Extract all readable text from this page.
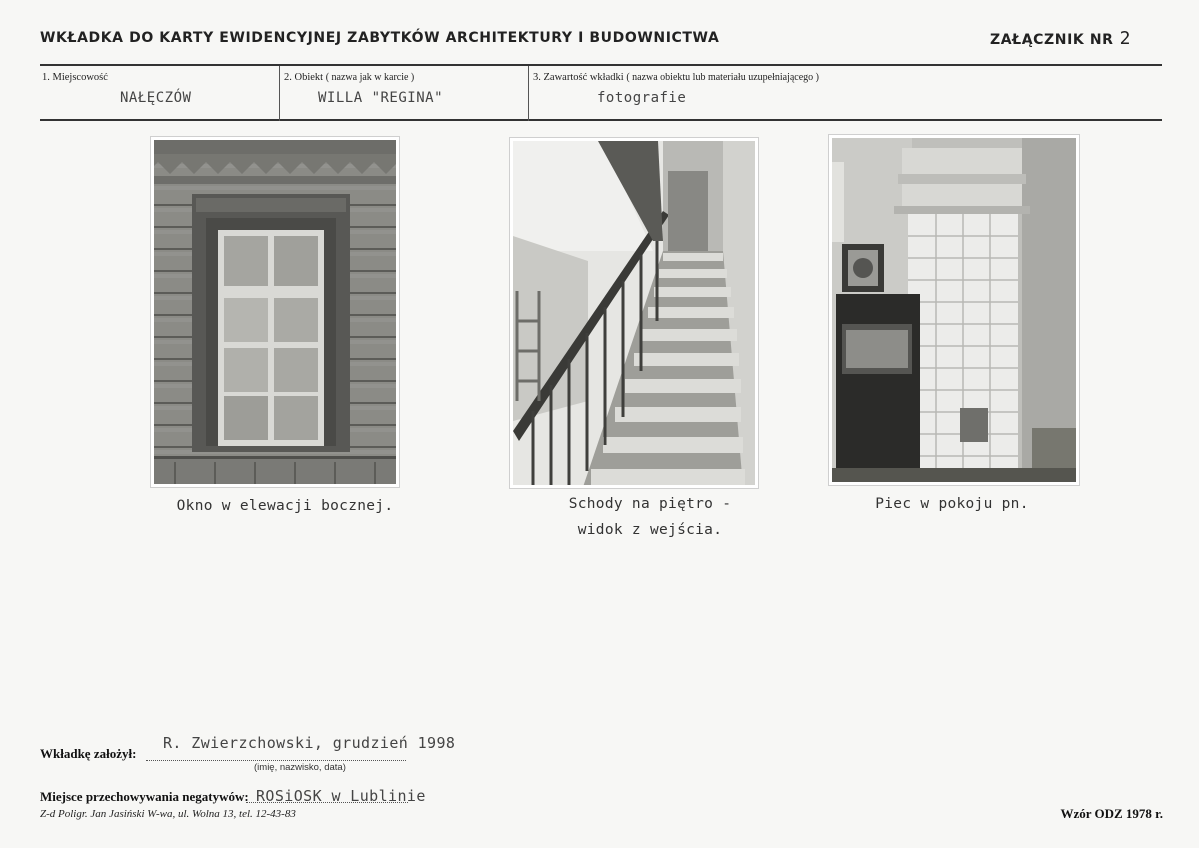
WKŁADKA DO KARTY EWIDENCYJNEJ ZABYTKÓW ARCHITEKTURY I BUDOWNICTWA	ZAŁĄCZNIK NR 2
1. Miejscowość
NAŁĘCZÓW
2. Obiekt ( nazwa jak w karcie )
WILLA "REGINA"
3. Zawartość wkładki ( nazwa obiektu lub materiału uzupełniającego )
fotografie
Okno w elewacji bocznej.	Schody na piętro -
widok z wejścia.
Piec w pokoju pn.
Wkładkę założył:
R. Zwierzchowski, grudzień 1998
(imię, nazwisko, data)
Miejsce przechowywania negatywów: ROSiOSK w Lublinie
Z-d Poligr. Jan Jasiński W-wa, ul. Wolna 13, tel. 12-43-83	Wzór ODZ 1978 r.
